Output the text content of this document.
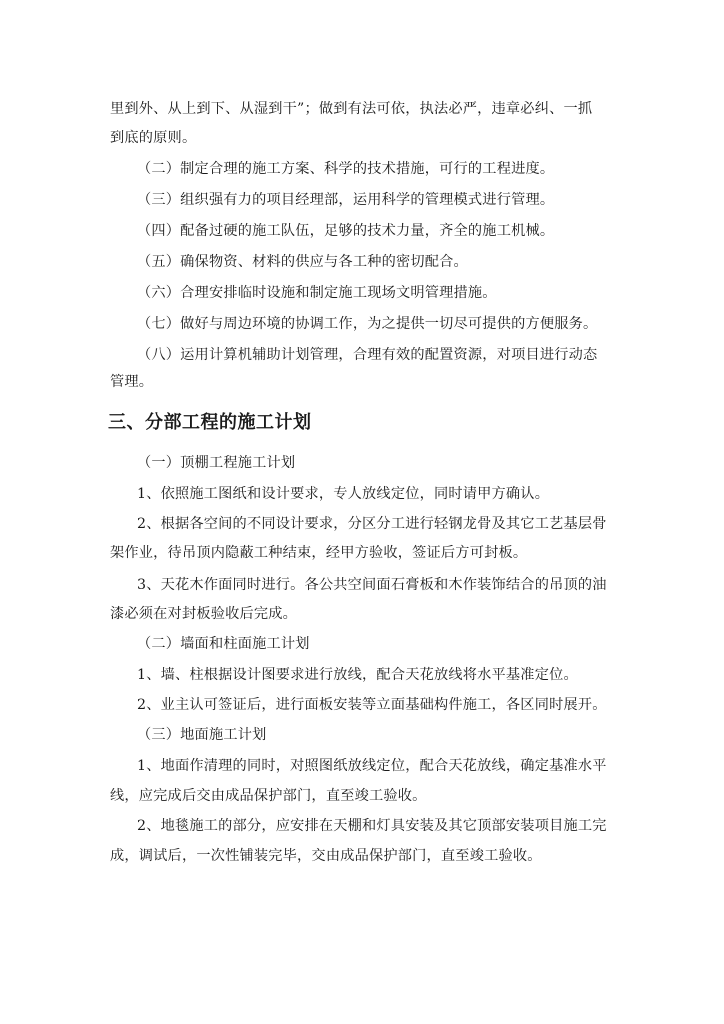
里到外、从上到下、从湿到干”；做到有法可依，执法必严，违章必纠、一抓
到底的原则。
（二）制定合理的施工方案、科学的技术措施，可行的工程进度。
（三）组织强有力的项目经理部，运用科学的管理模式进行管理。
（四）配备过硬的施工队伍，足够的技术力量，齐全的施工机械。
（五）确保物资、材料的供应与各工种的密切配合。
（六）合理安排临时设施和制定施工现场文明管理措施。
（七）做好与周边环境的协调工作，为之提供一切尽可提供的方便服务。
（八）运用计算机辅助计划管理，合理有效的配置资源，对项目进行动态
管理。
三、分部工程的施工计划
（一）顶棚工程施工计划
1、依照施工图纸和设计要求，专人放线定位，同时请甲方确认。
2、根据各空间的不同设计要求，分区分工进行轻钢龙骨及其它工艺基层骨
架作业，待吊顶内隐蔽工种结束，经甲方验收，签证后方可封板。
3、天花木作面同时进行。各公共空间面石膏板和木作装饰结合的吊顶的油
漆必须在对封板验收后完成。
（二）墙面和柱面施工计划
1、墙、柱根据设计图要求进行放线，配合天花放线将水平基准定位。
2、业主认可签证后，进行面板安装等立面基础构件施工，各区同时展开。
（三）地面施工计划
1、地面作清理的同时，对照图纸放线定位，配合天花放线，确定基准水平
线，应完成后交由成品保护部门，直至竣工验收。
2、地毯施工的部分，应安排在天棚和灯具安装及其它顶部安装项目施工完
成，调试后，一次性铺装完毕，交由成品保护部门，直至竣工验收。
